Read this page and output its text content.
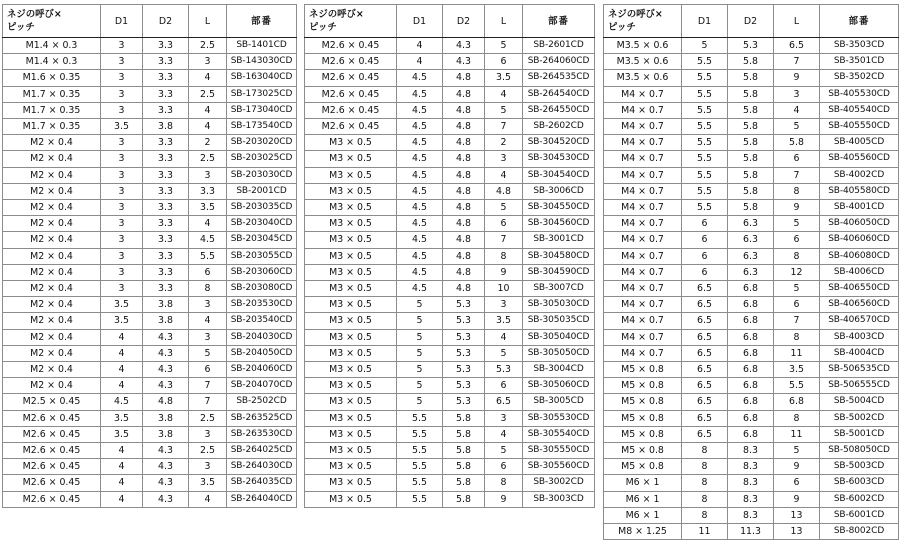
ネジの呼び×
ピッチ	D1	D2	L	部番
M1.4 × 0.3	3	3.3	2.5	SB-1401CD
M1.4 × 0.3	3	3.3	3	SB-143030CD
M1.6 × 0.35	3	3.3	4	SB-163040CD
M1.7 × 0.35	3	3.3	2.5	SB-173025CD
M1.7 × 0.35	3	3.3	4	SB-173040CD
M1.7 × 0.35	3.5	3.8	4	SB-173540CD
M2 × 0.4	3	3.3	2	SB-203020CD
M2 × 0.4	3	3.3	2.5	SB-203025CD
M2 × 0.4	3	3.3	3	SB-203030CD
M2 × 0.4	3	3.3	3.3	SB-2001CD
M2 × 0.4	3	3.3	3.5	SB-203035CD
M2 × 0.4	3	3.3	4	SB-203040CD
M2 × 0.4	3	3.3	4.5	SB-203045CD
M2 × 0.4	3	3.3	5.5	SB-203055CD
M2 × 0.4	3	3.3	6	SB-203060CD
M2 × 0.4	3	3.3	8	SB-203080CD
M2 × 0.4	3.5	3.8	3	SB-203530CD
M2 × 0.4	3.5	3.8	4	SB-203540CD
M2 × 0.4	4	4.3	3	SB-204030CD
M2 × 0.4	4	4.3	5	SB-204050CD
M2 × 0.4	4	4.3	6	SB-204060CD
M2 × 0.4	4	4.3	7	SB-204070CD
M2.5 × 0.45	4.5	4.8	7	SB-2502CD
M2.6 × 0.45	3.5	3.8	2.5	SB-263525CD
M2.6 × 0.45	3.5	3.8	3	SB-263530CD
M2.6 × 0.45	4	4.3	2.5	SB-264025CD
M2.6 × 0.45	4	4.3	3	SB-264030CD
M2.6 × 0.45	4	4.3	3.5	SB-264035CD
M2.6 × 0.45	4	4.3	4	SB-264040CD
ネジの呼び×
ピッチ	D1	D2	L	部番
M2.6 × 0.45	4	4.3	5	SB-2601CD
M2.6 × 0.45	4	4.3	6	SB-264060CD
M2.6 × 0.45	4.5	4.8	3.5	SB-264535CD
M2.6 × 0.45	4.5	4.8	4	SB-264540CD
M2.6 × 0.45	4.5	4.8	5	SB-264550CD
M2.6 × 0.45	4.5	4.8	7	SB-2602CD
M3 × 0.5	4.5	4.8	2	SB-304520CD
M3 × 0.5	4.5	4.8	3	SB-304530CD
M3 × 0.5	4.5	4.8	4	SB-304540CD
M3 × 0.5	4.5	4.8	4.8	SB-3006CD
M3 × 0.5	4.5	4.8	5	SB-304550CD
M3 × 0.5	4.5	4.8	6	SB-304560CD
M3 × 0.5	4.5	4.8	7	SB-3001CD
M3 × 0.5	4.5	4.8	8	SB-304580CD
M3 × 0.5	4.5	4.8	9	SB-304590CD
M3 × 0.5	4.5	4.8	10	SB-3007CD
M3 × 0.5	5	5.3	3	SB-305030CD
M3 × 0.5	5	5.3	3.5	SB-305035CD
M3 × 0.5	5	5.3	4	SB-305040CD
M3 × 0.5	5	5.3	5	SB-305050CD
M3 × 0.5	5	5.3	5.3	SB-3004CD
M3 × 0.5	5	5.3	6	SB-305060CD
M3 × 0.5	5	5.3	6.5	SB-3005CD
M3 × 0.5	5.5	5.8	3	SB-305530CD
M3 × 0.5	5.5	5.8	4	SB-305540CD
M3 × 0.5	5.5	5.8	5	SB-305550CD
M3 × 0.5	5.5	5.8	6	SB-305560CD
M3 × 0.5	5.5	5.8	8	SB-3002CD
M3 × 0.5	5.5	5.8	9	SB-3003CD
ネジの呼び×
ピッチ	D1	D2	L	部番
M3.5 × 0.6	5	5.3	6.5	SB-3503CD
M3.5 × 0.6	5.5	5.8	7	SB-3501CD
M3.5 × 0.6	5.5	5.8	9	SB-3502CD
M4 × 0.7	5.5	5.8	3	SB-405530CD
M4 × 0.7	5.5	5.8	4	SB-405540CD
M4 × 0.7	5.5	5.8	5	SB-405550CD
M4 × 0.7	5.5	5.8	5.8	SB-4005CD
M4 × 0.7	5.5	5.8	6	SB-405560CD
M4 × 0.7	5.5	5.8	7	SB-4002CD
M4 × 0.7	5.5	5.8	8	SB-405580CD
M4 × 0.7	5.5	5.8	9	SB-4001CD
M4 × 0.7	6	6.3	5	SB-406050CD
M4 × 0.7	6	6.3	6	SB-406060CD
M4 × 0.7	6	6.3	8	SB-406080CD
M4 × 0.7	6	6.3	12	SB-4006CD
M4 × 0.7	6.5	6.8	5	SB-406550CD
M4 × 0.7	6.5	6.8	6	SB-406560CD
M4 × 0.7	6.5	6.8	7	SB-406570CD
M4 × 0.7	6.5	6.8	8	SB-4003CD
M4 × 0.7	6.5	6.8	11	SB-4004CD
M5 × 0.8	6.5	6.8	3.5	SB-506535CD
M5 × 0.8	6.5	6.8	5.5	SB-506555CD
M5 × 0.8	6.5	6.8	6.8	SB-5004CD
M5 × 0.8	6.5	6.8	8	SB-5002CD
M5 × 0.8	6.5	6.8	11	SB-5001CD
M5 × 0.8	8	8.3	5	SB-508050CD
M5 × 0.8	8	8.3	9	SB-5003CD
M6 × 1	8	8.3	6	SB-6003CD
M6 × 1	8	8.3	9	SB-6002CD
M6 × 1	8	8.3	13	SB-6001CD
M8 × 1.25	11	11.3	13	SB-8002CD
